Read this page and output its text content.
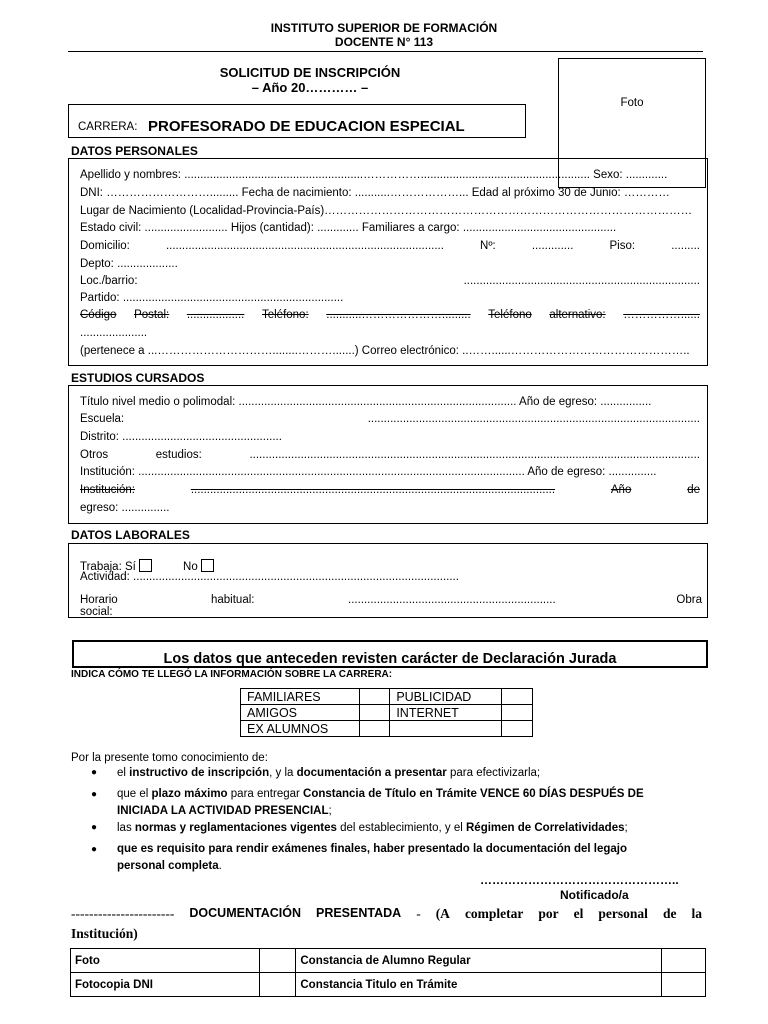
INSTITUTO SUPERIOR DE FORMACIÓN
DOCENTE N° 113
SOLICITUD DE INSCRIPCIÓN
– Año 20………… –
Foto
CARRERA: PROFESORADO DE EDUCACION ESPECIAL
DATOS PERSONALES
Apellido y nombres: ........................................................……………..................................................... Sexo: .............
DNI: ………………………......... Fecha de nacimiento: ...........………………... Edad al próximo 30 de Junio: …………
Lugar de Nacimiento (Localidad-Provincia-País)……………………………………………………………………………………
Estado civil: .......................... Hijos (cantidad): ............. Familiares a cargo: ................................................
Domicilio:	.......................................................................................	Nº:	.............	Piso:	.........
Depto: ...................
Loc./barrio:	..........................................................................
Partido: .....................................................................
Código Postal: .................. Teléfono: ...........…………………......... Teléfono alternativo: ……………......
.....................
(pertenece a ...…………………………........……….......) Correo electrónico: ..……......………………………………………..
ESTUDIOS CURSADOS
Título nivel medio o polimodal: ....................................................................................... Año de egreso: ................
Escuela:	........................................................................................................
Distrito: ..................................................
Otros	estudios:	.............................................................................................................................................
Institución: ......................................................................................................................... Año de egreso: ...............
Institución:	..................................................................................................................	Año	de
egreso: ...............
DATOS LABORALES
Trabaja: Sí	No
Actividad: ......................................................................................................
Horario	habitual:	.................................................................	Obra
social:
Los datos que anteceden revisten carácter de Declaración Jurada
INDICA CÓMO TE LLEGÓ LA INFORMACIÓN SOBRE LA CARRERA:
FAMILIARES		PUBLICIDAD	
AMIGOS		INTERNET	
EX ALUMNOS			
Por la presente tomo conocimiento de:
● el instructivo de inscripción, y la documentación a presentar para efectivizarla;
● que el plazo máximo para entregar Constancia de Título en Trámite VENCE 60 DÍAS DESPUÉS DE
INICIADA LA ACTIVIDAD PRESENCIAL;
● las normas y reglamentaciones vigentes del establecimiento, y el Régimen de Correlatividades;
● que es requisito para rendir exámenes finales, haber presentado la documentación del legajo
personal completa.
…………………………………………..
Notificado/a
----------------------- DOCUMENTACIÓN PRESENTADA - (A completar por el personal de la
Institución)
Foto		Constancia de Alumno Regular	
Fotocopia DNI		Constancia Titulo en Trámite	
